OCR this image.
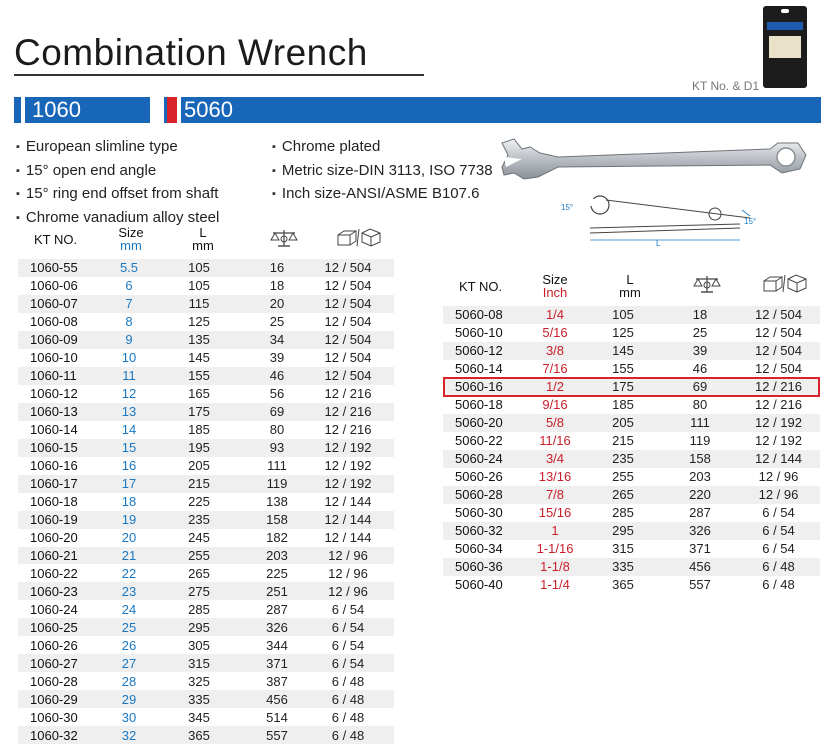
Combination Wrench
KT No. & D1
1060	5060
▪ European slimline type
▪ 15° open end angle
▪ 15° ring end offset from shaft
▪ Chrome vanadium alloy steel
▪ Chrome plated
▪ Metric size-DIN 3113, ISO 7738
▪ Inch size-ANSI/ASME B107.6
15°
15°
L
KT NO.	Size
mm
L
mm
1060-55	5.5	105	16	12 / 504
1060-06	6	105	18	12 / 504
1060-07	7	115	20	12 / 504
1060-08	8	125	25	12 / 504
1060-09	9	135	34	12 / 504
1060-10	10	145	39	12 / 504
1060-11	11	155	46	12 / 504
1060-12	12	165	56	12 / 216
1060-13	13	175	69	12 / 216
1060-14	14	185	80	12 / 216
1060-15	15	195	93	12 / 192
1060-16	16	205	111	12 / 192
1060-17	17	215	119	12 / 192
1060-18	18	225	138	12 / 144
1060-19	19	235	158	12 / 144
1060-20	20	245	182	12 / 144
1060-21	21	255	203	12 / 96
1060-22	22	265	225	12 / 96
1060-23	23	275	251	12 / 96
1060-24	24	285	287	6 / 54
1060-25	25	295	326	6 / 54
1060-26	26	305	344	6 / 54
1060-27	27	315	371	6 / 54
1060-28	28	325	387	6 / 48
1060-29	29	335	456	6 / 48
1060-30	30	345	514	6 / 48
1060-32	32	365	557	6 / 48
KT NO.	Size
Inch
L
mm
5060-08	1/4	105	18	12 / 504
5060-10	5/16	125	25	12 / 504
5060-12	3/8	145	39	12 / 504
5060-14	7/16	155	46	12 / 504
5060-16	1/2	175	69	12 / 216
5060-18	9/16	185	80	12 / 216
5060-20	5/8	205	111	12 / 192
5060-22	11/16	215	119	12 / 192
5060-24	3/4	235	158	12 / 144
5060-26	13/16	255	203	12 / 96
5060-28	7/8	265	220	12 / 96
5060-30	15/16	285	287	6 / 54
5060-32	1	295	326	6 / 54
5060-34	1-1/16	315	371	6 / 54
5060-36	1-1/8	335	456	6 / 48
5060-40	1-1/4	365	557	6 / 48
